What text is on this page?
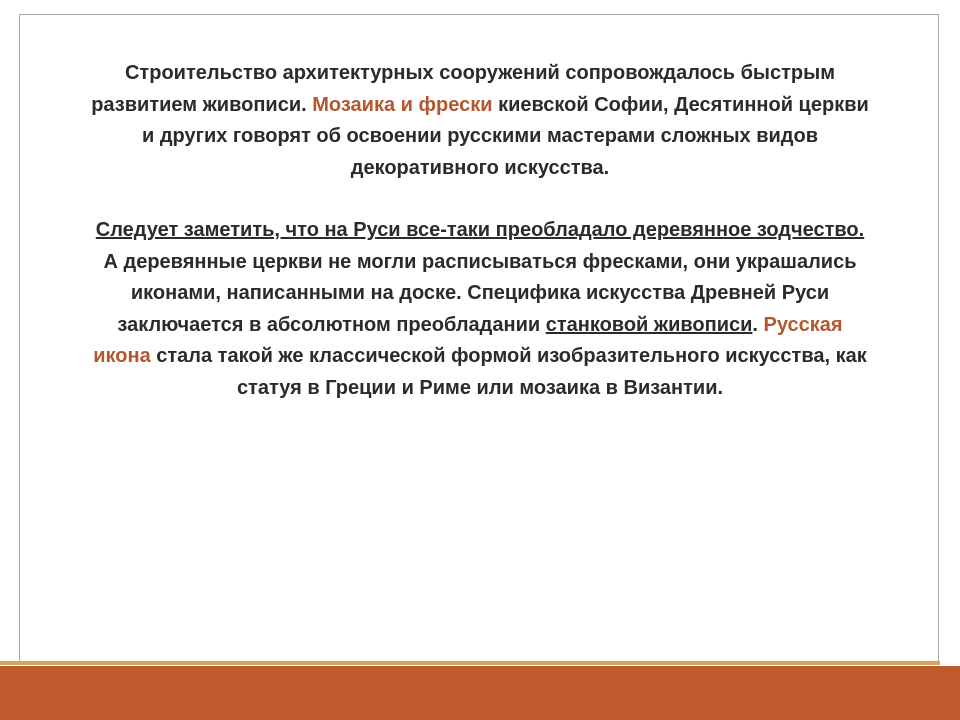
Строительство архитектурных сооружений сопровождалось быстрым развитием живописи. Мозаика и фрески киевской Софии, Десятинной церкви и других говорят об освоении русскими мастерами сложных видов декоративного искусства.

Следует заметить, что на Руси все-таки преобладало деревянное зодчество. А деревянные церкви не могли расписываться фресками, они украшались иконами, написанными на доске. Специфика искусства Древней Руси заключается в абсолютном преобладании станковой живописи. Русская икона стала такой же классической формой изобразительного искусства, как статуя в Греции и Риме или мозаика в Византии.
